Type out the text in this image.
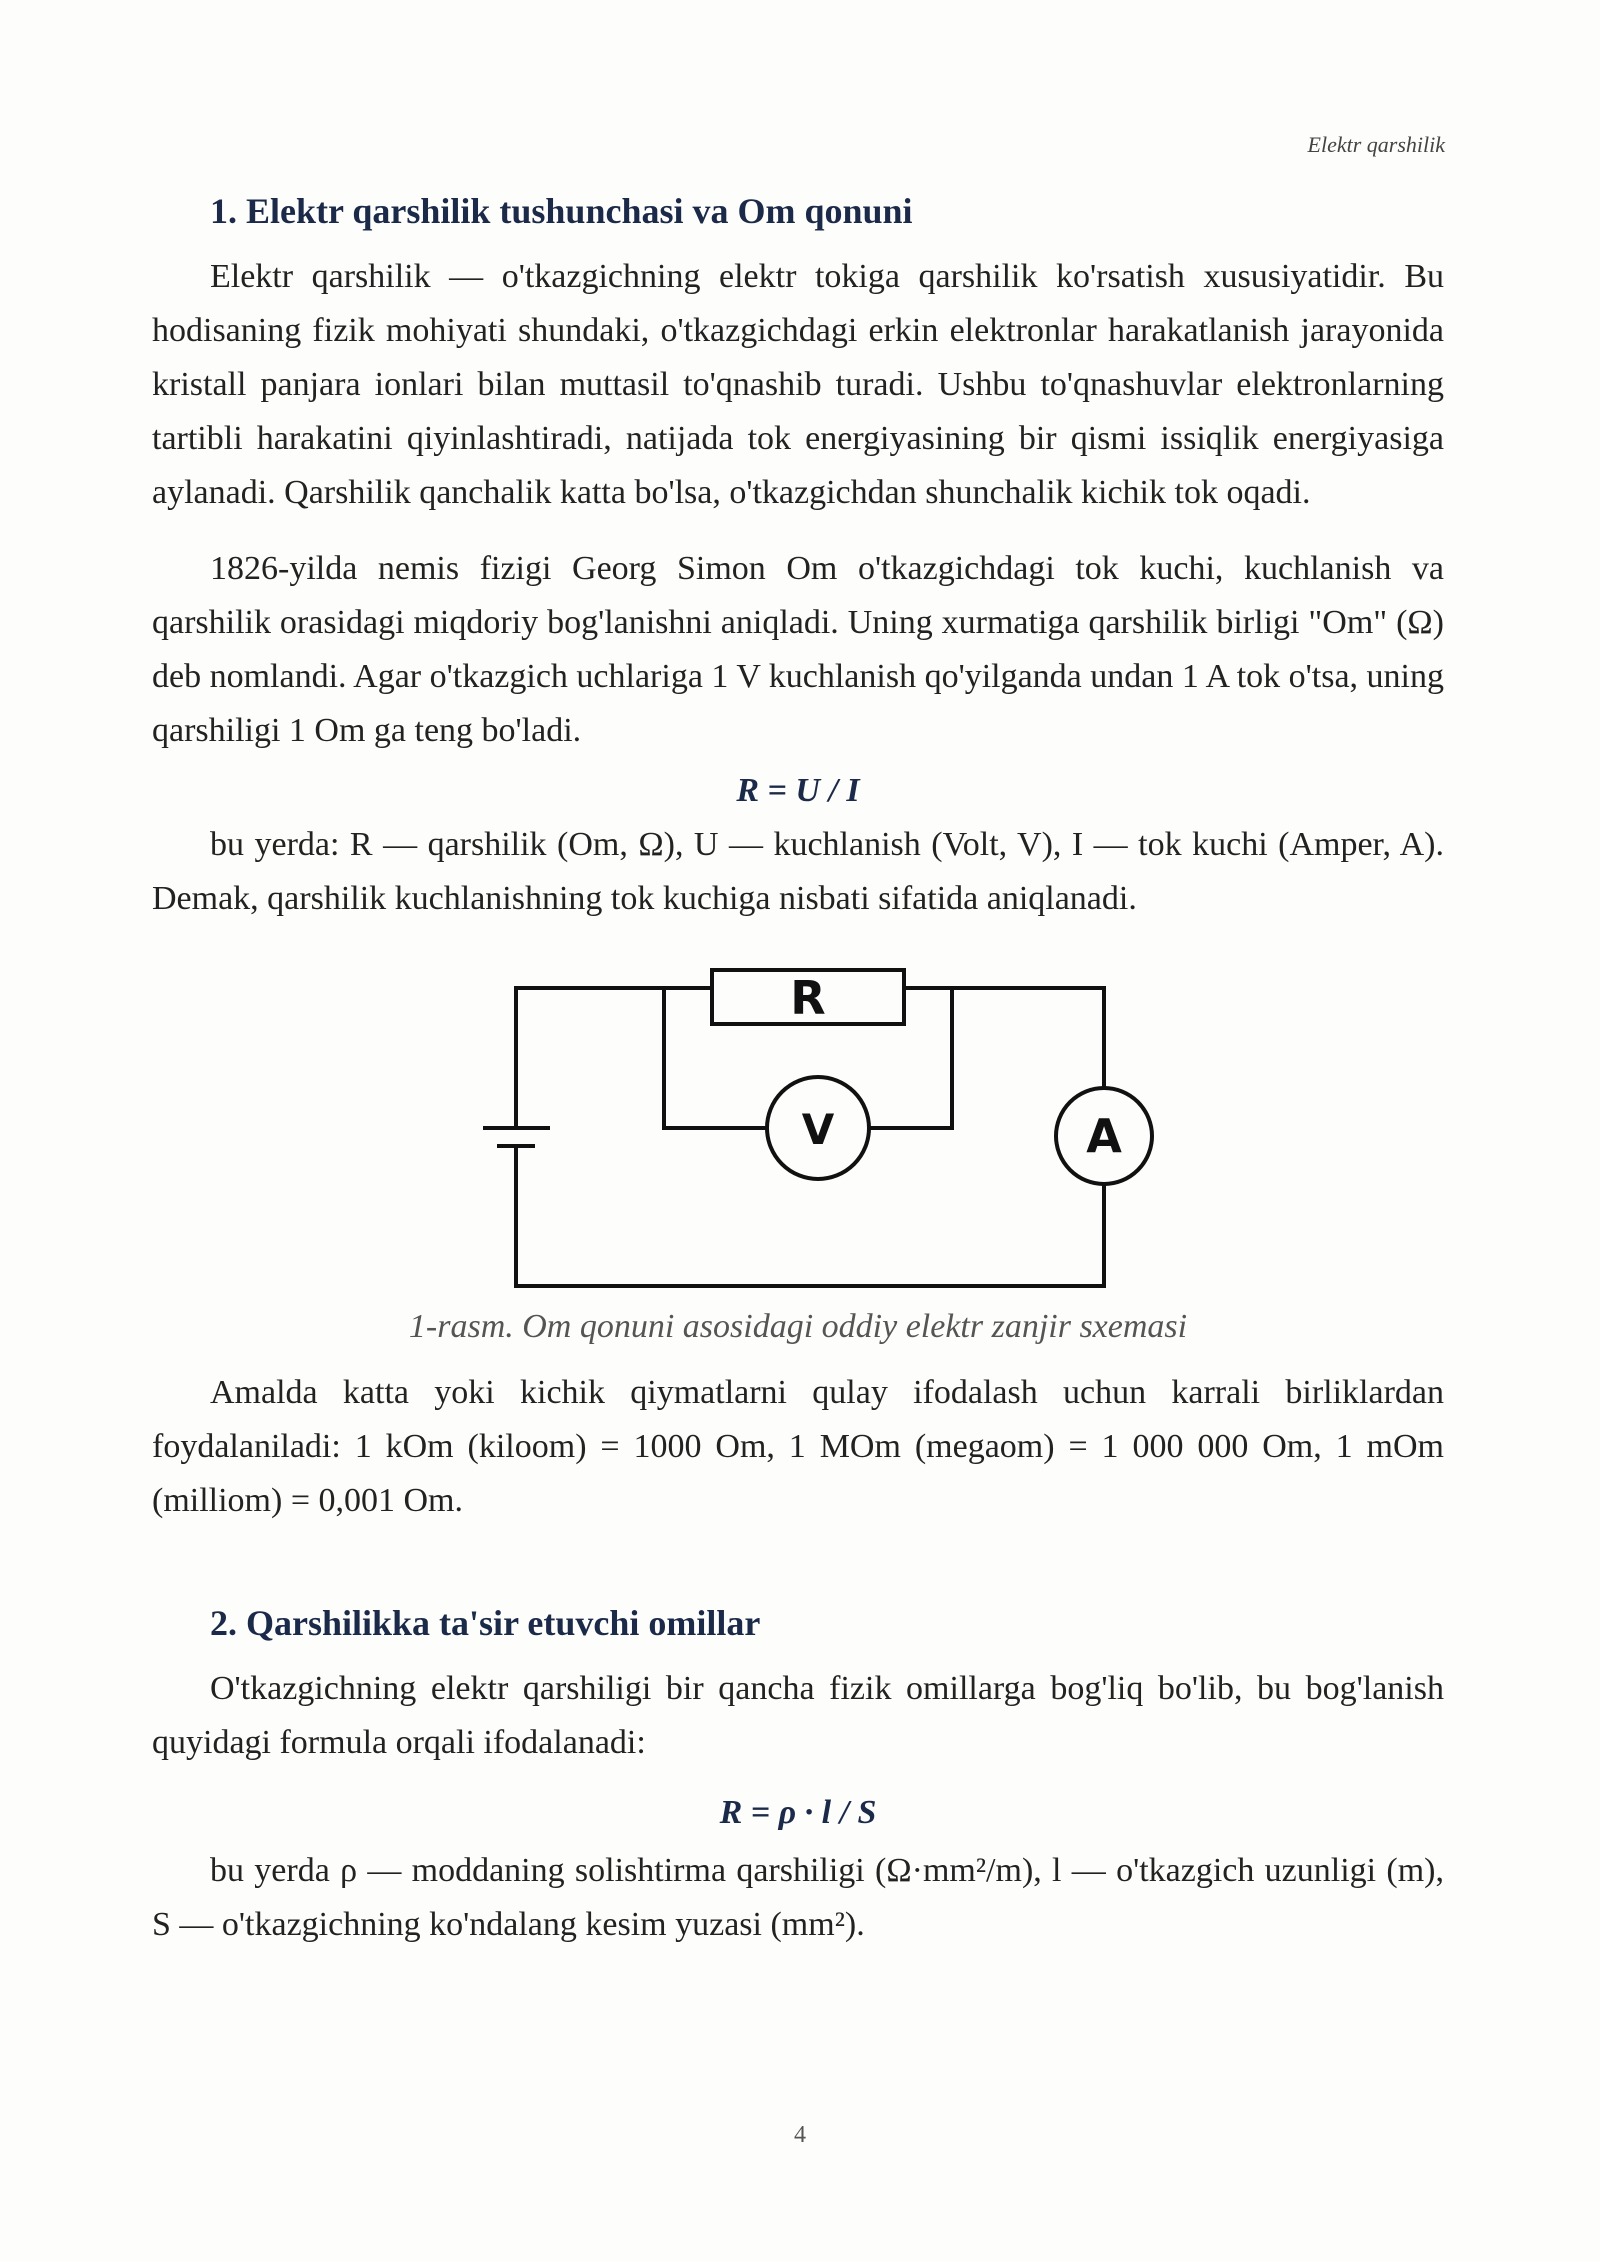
Elektr qarshilik
1. Elektr qarshilik tushunchasi va Om qonuni

Elektr qarshilik — o'tkazgichning elektr tokiga qarshilik ko'rsatish xususiyatidir. Bu hodisaning fizik mohiyati shundaki, o'tkazgichdagi erkin elektronlar harakatlanish jarayonida kristall panjara ionlari bilan muttasil to'qnashib turadi. Ushbu to'qnashuvlar elektronlarning tartibli harakatini qiyinlashtiradi, natijada tok energiyasining bir qismi issiqlik energiyasiga aylanadi. Qarshilik qanchalik katta bo'lsa, o'tkazgichdan shunchalik kichik tok oqadi.

1826-yilda nemis fizigi Georg Simon Om o'tkazgichdagi tok kuchi, kuchlanish va qarshilik orasidagi miqdoriy bog'lanishni aniqladi. Uning xurmatiga qarshilik birligi "Om" (Ω) deb nomlandi. Agar o'tkazgich uchlariga 1 V kuchlanish qo'yilganda undan 1 A tok o'tsa, uning qarshiligi 1 Om ga teng bo'ladi.

R = U / I

bu yerda: R — qarshilik (Om, Ω), U — kuchlanish (Volt, V), I — tok kuchi (Amper, A). Demak, qarshilik kuchlanishning tok kuchiga nisbati sifatida aniqlanadi.

R
V	A
1-rasm. Om qonuni asosidagi oddiy elektr zanjir sxemasi

Amalda katta yoki kichik qiymatlarni qulay ifodalash uchun karrali birliklardan foydalaniladi: 1 kOm (kiloom) = 1000 Om, 1 MOm (megaom) = 1 000 000 Om, 1 mOm (milliom) = 0,001 Om.

2. Qarshilikka ta'sir etuvchi omillar

O'tkazgichning elektr qarshiligi bir qancha fizik omillarga bog'liq bo'lib, bu bog'lanish quyidagi formula orqali ifodalanadi:

R = ρ · l / S

bu yerda ρ — moddaning solishtirma qarshiligi (Ω·mm²/m), l — o'tkazgich uzunligi (m), S — o'tkazgichning ko'ndalang kesim yuzasi (mm²).

4
